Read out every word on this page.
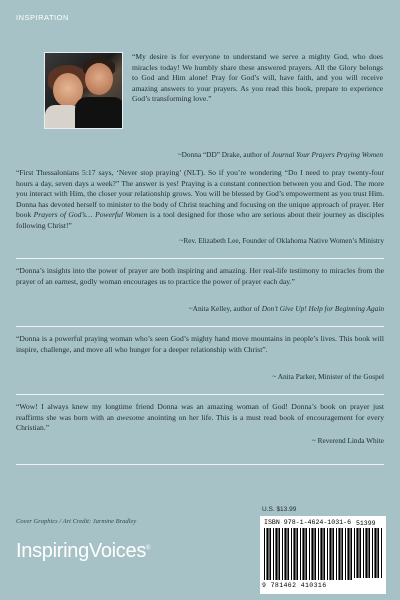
INSPIRATION
“My desire is for everyone to understand we serve a mighty God, who does miracles today! We humbly share these answered prayers. All the Glory belongs to God and Him alone! Pray for God’s will, have faith, and you will receive amazing answers to your prayers. As you read this book, prepare to experience God’s transforming love.”
~Donna “DD” Drake, author of Journal Your Prayers Praying Women
“First Thessalonians 5:17 says, ‘Never stop praying’ (NLT). So if you’re wondering “Do I need to pray twenty-four hours a day, seven days a week?” The answer is yes! Praying is a constant connection between you and God. The more you interact with Him, the closer your relationship grows. You will be blessed by God’s empowerment as you trust Him. Donna has devoted herself to minister to the body of Christ teaching and focusing on the unique approach of prayer. Her book Prayers of God’s… Powerful Women is a tool designed for those who are serious about their journey as disciples following Christ!”
~Rev. Elizabeth Lee, Founder of Oklahoma Native Women’s Ministry
“Donna’s insights into the power of prayer are both inspiring and amazing. Her real-life testimony to miracles from the prayer of an earnest, godly woman encourages us to practice the power of prayer each day.”
~Anita Kelley, author of Don’t Give Up! Help for Beginning Again
“Donna is a powerful praying woman who’s seen God’s mighty hand move mountains in people’s lives. This book will inspire, challenge, and move all who hunger for a deeper relationship with Christ”.
~ Anita Parker, Minister of the Gospel
“Wow! I always knew my longtime friend Donna was an amazing woman of God! Donna’s book on prayer just reaffirms she was born with an awesome anointing on her life. This is a must read book of encouragement for every Christian.”
~ Reverend Linda White
Cover Graphics / Art Credit: Jarmine Bradley
InspiringVoices®
U.S. $13.99
ISBN 978-1-4624-1031-6
9 781462 410316
51399
